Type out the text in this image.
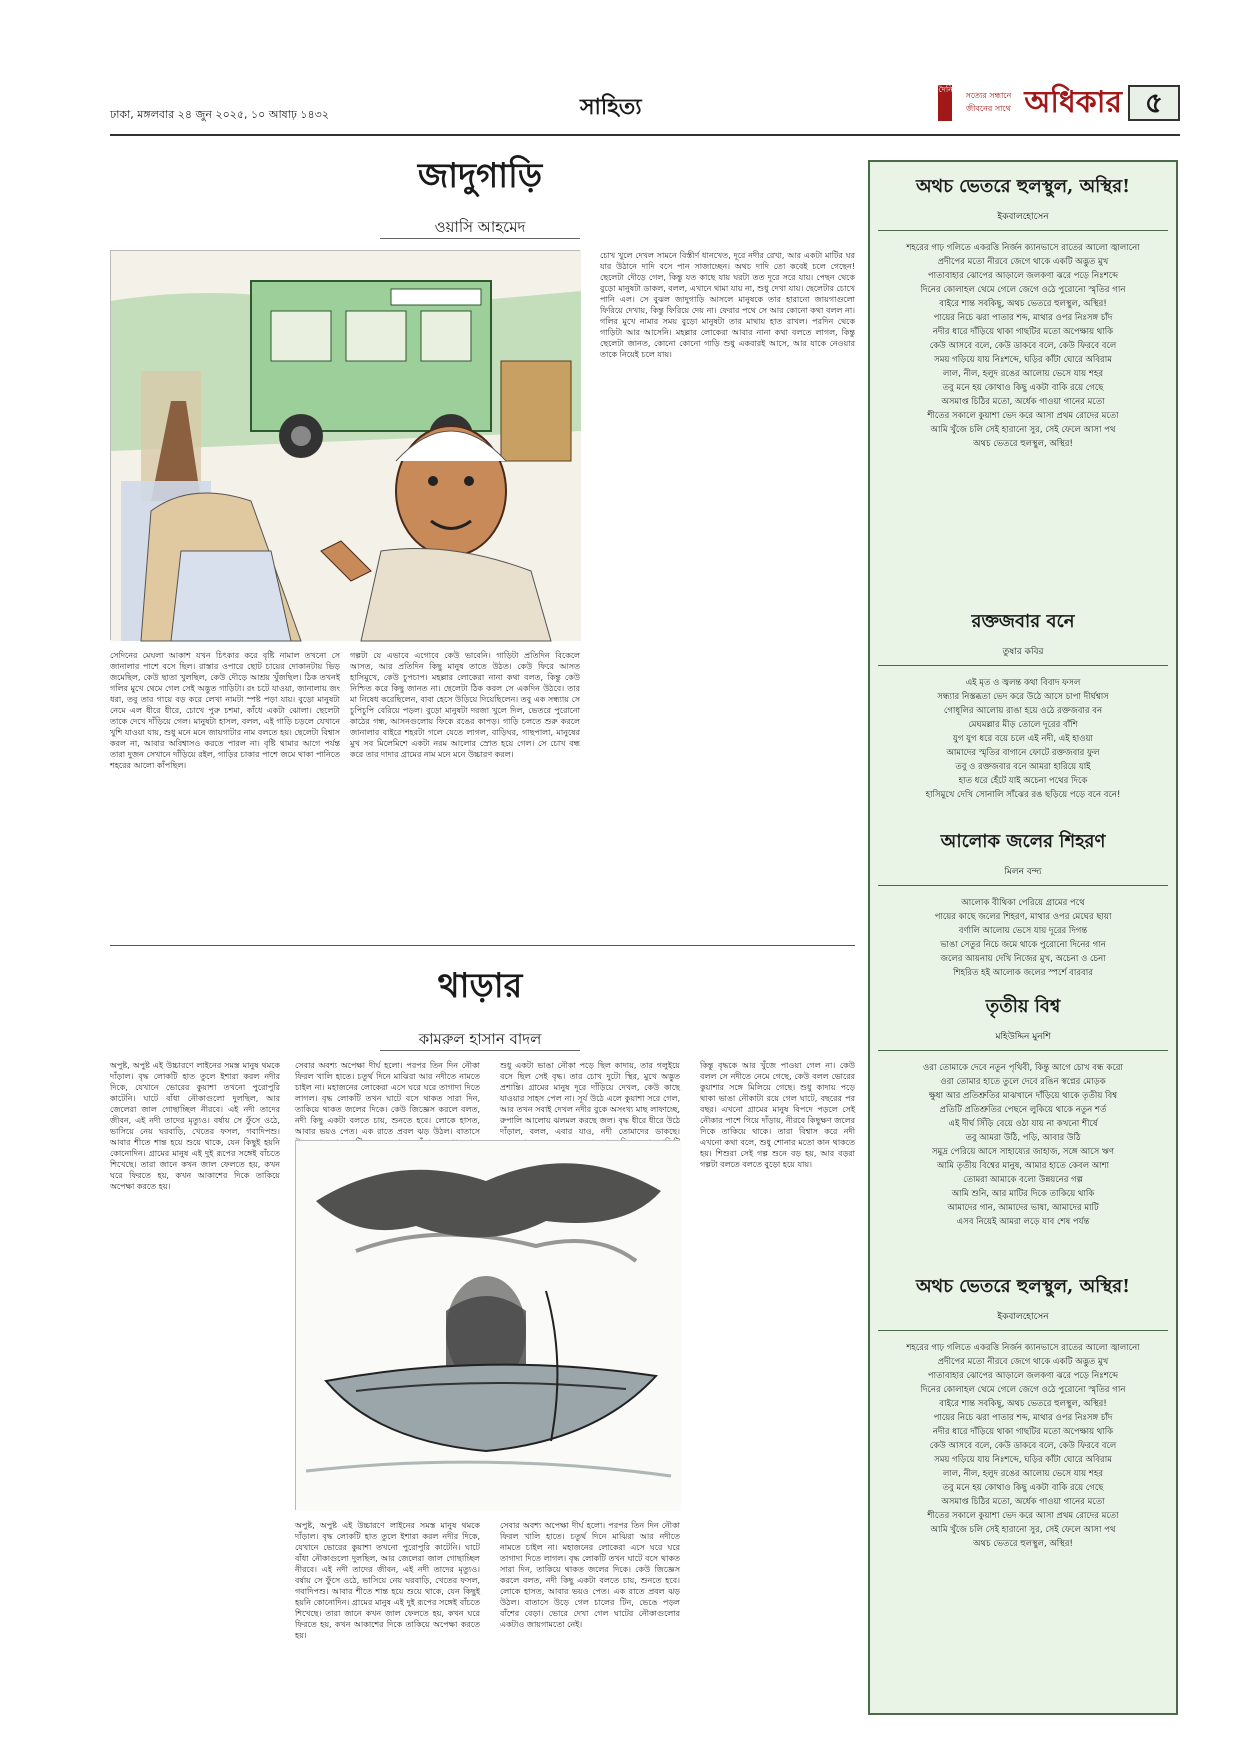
ঢাকা, মঙ্গলবার ২৪ জুন ২০২৫, ১০ আষাঢ় ১৪৩২	সাহিত্য
দৈনিক
সত্যের সন্ধানে জীবনের সাথে অধিকার ৫
জাদুগাড়ি
ওয়াসি আহমেদ
সেদিনের মেঘলা আকাশ যখন চিৎকার করে বৃষ্টি নামাল তখনো সে জানালার পাশে বসে ছিল। রাস্তার ওপারে ছোট চায়ের দোকানটায় ভিড় জমেছিল, কেউ ছাতা খুলছিল, কেউ দৌড়ে আশ্রয় খুঁজছিল। ঠিক তখনই গলির মুখে থেমে গেল সেই অদ্ভুত গাড়িটা। রং চটে যাওয়া, জানালায় জং ধরা, তবু তার গায়ে বড় করে লেখা নামটা স্পষ্ট পড়া যায়। বুড়ো মানুষটা নেমে এল ধীরে ধীরে, চোখে পুরু চশমা, কাঁধে একটা ঝোলা। ছেলেটা তাকে দেখে দাঁড়িয়ে গেল। মানুষটা হাসল, বলল, এই গাড়ি চড়লে যেখানে খুশি যাওয়া যায়, শুধু মনে মনে জায়গাটার নাম বলতে হয়। ছেলেটা বিশ্বাস করল না, আবার অবিশ্বাসও করতে পারল না। বৃষ্টি থামার আগে পর্যন্ত তারা দুজন সেখানে দাঁড়িয়ে রইল, গাড়ির চাকার পাশে জমে থাকা পানিতে শহরের আলো কাঁপছিল।
গল্পটা যে এভাবে এগোবে কেউ ভাবেনি। গাড়িটা প্রতিদিন বিকেলে আসত, আর প্রতিদিন কিছু মানুষ তাতে উঠত। কেউ ফিরে আসত হাসিমুখে, কেউ চুপচাপ। মহল্লার লোকেরা নানা কথা বলত, কিন্তু কেউ নিশ্চিত করে কিছু জানত না। ছেলেটা ঠিক করল সে একদিন উঠবে। তার মা নিষেধ করেছিলেন, বাবা হেসে উড়িয়ে দিয়েছিলেন। তবু এক সন্ধ্যায় সে চুপিচুপি বেরিয়ে পড়ল। বুড়ো মানুষটা দরজা খুলে দিল, ভেতরে পুরোনো কাঠের গন্ধ, আসনগুলোয় ফিকে রঙের কাপড়। গাড়ি চলতে শুরু করলে জানালার বাইরে শহরটা গলে যেতে লাগল, বাড়িঘর, গাছপালা, মানুষের মুখ সব মিলেমিশে একটা নরম আলোর স্রোত হয়ে গেল। সে চোখ বন্ধ করে তার দাদার গ্রামের নাম মনে মনে উচ্চারণ করল।
চোখ খুলে দেখল সামনে বিস্তীর্ণ ধানখেত, দূরে নদীর রেখা, আর একটা মাটির ঘর যার উঠানে দাদি বসে পান সাজাচ্ছেন। অথচ দাদি তো কবেই চলে গেছেন! ছেলেটা দৌড়ে গেল, কিন্তু যত কাছে যায় ঘরটা তত দূরে সরে যায়। পেছন থেকে বুড়ো মানুষটা ডাকল, বলল, এখানে থামা যায় না, শুধু দেখা যায়। ছেলেটার চোখে পানি এল। সে বুঝল জাদুগাড়ি আসলে মানুষকে তার হারানো জায়গাগুলো ফিরিয়ে দেখায়, কিন্তু ফিরিয়ে দেয় না। ফেরার পথে সে আর কোনো কথা বলল না। গলির মুখে নামার সময় বুড়ো মানুষটা তার মাথায় হাত রাখল। পরদিন থেকে গাড়িটা আর আসেনি। মহল্লার লোকেরা আবার নানা কথা বলতে লাগল, কিন্তু ছেলেটা জানত, কোনো কোনো গাড়ি শুধু একবারই আসে, আর যাকে নেওয়ার তাকে নিয়েই চলে যায়।
থাড়ার
কামরুল হাসান বাদল
অপুষ্ট, অপুষ্ট এই উচ্চারণে লাইনের সমস্ত মানুষ থমকে দাঁড়াল। বৃদ্ধ লোকটি হাত তুলে ইশারা করল নদীর দিকে, যেখানে ভোরের কুয়াশা তখনো পুরোপুরি কাটেনি। ঘাটে বাঁধা নৌকাগুলো দুলছিল, আর জেলেরা জাল গোছাচ্ছিল নীরবে। এই নদী তাদের জীবন, এই নদী তাদের মৃত্যুও। বর্ষায় সে ফুঁসে ওঠে, ভাসিয়ে নেয় ঘরবাড়ি, খেতের ফসল, গবাদিপশু। আবার শীতে শান্ত হয়ে শুয়ে থাকে, যেন কিছুই হয়নি কোনোদিন। গ্রামের মানুষ এই দুই রূপের সঙ্গেই বাঁচতে শিখেছে। তারা জানে কখন জাল ফেলতে হয়, কখন ঘরে ফিরতে হয়, কখন আকাশের দিকে তাকিয়ে অপেক্ষা করতে হয়।
সেবার অবশ্য অপেক্ষা দীর্ঘ হলো। পরপর তিন দিন নৌকা ফিরল খালি হাতে। চতুর্থ দিনে মাঝিরা আর নদীতে নামতে চাইল না। মহাজনের লোকেরা এসে ঘরে ঘরে তাগাদা দিতে লাগল। বৃদ্ধ লোকটি তখন ঘাটে বসে থাকত সারা দিন, তাকিয়ে থাকত জলের দিকে। কেউ জিজ্ঞেস করলে বলত, নদী কিছু একটা বলতে চায়, শুনতে হবে। লোকে হাসত, আবার ভয়ও পেত। এক রাতে প্রবল ঝড় উঠল। বাতাসে
শুধু একটা ভাঙা নৌকা পড়ে ছিল কাদায়, তার গলুইয়ে বসে ছিল সেই বৃদ্ধ। তার চোখ দুটো স্থির, মুখে অদ্ভুত প্রশান্তি। গ্রামের মানুষ দূরে দাঁড়িয়ে দেখল, কেউ কাছে যাওয়ার সাহস পেল না। সূর্য উঠে এলে কুয়াশা সরে গেল, আর তখন সবাই দেখল নদীর বুকে অসংখ্য মাছ লাফাচ্ছে, রুপালি আলোয় ঝলমল করছে জল। বৃদ্ধ ধীরে ধীরে উঠে দাঁড়াল, বলল, এবার যাও, নদী তোমাদের ডাকছে।
কিন্তু বৃদ্ধকে আর খুঁজে পাওয়া গেল না। কেউ বলল সে নদীতে নেমে গেছে, কেউ বলল ভোরের কুয়াশার সঙ্গে মিলিয়ে গেছে। শুধু কাদায় পড়ে থাকা ভাঙা নৌকাটা রয়ে গেল ঘাটে, বছরের পর বছর। এখনো গ্রামের মানুষ বিপদে পড়লে সেই নৌকার পাশে গিয়ে দাঁড়ায়, নীরবে কিছুক্ষণ জলের দিকে তাকিয়ে থাকে। তারা বিশ্বাস করে নদী এখনো কথা বলে, শুধু শোনার মতো কান থাকতে হয়। শিশুরা সেই গল্প শুনে বড় হয়, আর বড়রা গল্পটা বলতে বলতে বুড়ো হয়ে যায়।
অপুষ্ট, অপুষ্ট এই উচ্চারণে লাইনের সমস্ত মানুষ থমকে দাঁড়াল। বৃদ্ধ লোকটি হাত তুলে ইশারা করল নদীর দিকে, যেখানে ভোরের কুয়াশা তখনো পুরোপুরি কাটেনি। ঘাটে বাঁধা নৌকাগুলো দুলছিল, আর জেলেরা জাল গোছাচ্ছিল নীরবে। এই নদী তাদের জীবন, এই নদী তাদের মৃত্যুও। বর্ষায় সে ফুঁসে ওঠে, ভাসিয়ে নেয় ঘরবাড়ি, খেতের ফসল, গবাদিপশু। আবার শীতে শান্ত হয়ে শুয়ে থাকে, যেন কিছুই হয়নি কোনোদিন। গ্রামের মানুষ এই দুই রূপের সঙ্গেই বাঁচতে শিখেছে। তারা জানে কখন জাল ফেলতে হয়, কখন ঘরে ফিরতে হয়, কখন আকাশের দিকে তাকিয়ে অপেক্ষা করতে হয়।
সেবার অবশ্য অপেক্ষা দীর্ঘ হলো। পরপর তিন দিন নৌকা ফিরল খালি হাতে। চতুর্থ দিনে মাঝিরা আর নদীতে নামতে চাইল না। মহাজনের লোকেরা এসে ঘরে ঘরে তাগাদা দিতে লাগল। বৃদ্ধ লোকটি তখন ঘাটে বসে থাকত সারা দিন, তাকিয়ে থাকত জলের দিকে। কেউ জিজ্ঞেস করলে বলত, নদী কিছু একটা বলতে চায়, শুনতে হবে। লোকে হাসত, আবার ভয়ও পেত। এক রাতে প্রবল ঝড় উঠল। বাতাসে উড়ে গেল চালের টিন, ভেঙে পড়ল বাঁশের বেড়া। ভোরে দেখা গেল ঘাটের নৌকাগুলোর একটাও জায়গামতো নেই।
অথচ ভেতরে হুলস্থুল, অস্থির!
ইকবালহোসেন
শহরের গাঢ় গলিতে একরত্তি নির্জন ক্যানভাসে রাতের আলো জ্বালানো
প্রদীপের মতো নীরবে জেগে থাকে একটি অদ্ভুত মুখ
পাতাবাহার ঝোপের আড়ালে জলকণা ঝরে পড়ে নিঃশব্দে
দিনের কোলাহল থেমে গেলে জেগে ওঠে পুরোনো স্মৃতির গান
বাইরে শান্ত সবকিছু, অথচ ভেতরে হুলস্থুল, অস্থির!
পায়ের নিচে ঝরা পাতার শব্দ, মাথার ওপর নিঃসঙ্গ চাঁদ
নদীর ধারে দাঁড়িয়ে থাকা গাছটির মতো অপেক্ষায় থাকি
কেউ আসবে বলে, কেউ ডাকবে বলে, কেউ ফিরবে বলে
সময় গড়িয়ে যায় নিঃশব্দে, ঘড়ির কাঁটা ঘোরে অবিরাম
লাল, নীল, হলুদ রঙের আলোয় ভেসে যায় শহর
তবু মনে হয় কোথাও কিছু একটা বাকি রয়ে গেছে
অসমাপ্ত চিঠির মতো, অর্ধেক গাওয়া গানের মতো
শীতের সকালে কুয়াশা ভেদ করে আসা প্রথম রোদের মতো
আমি খুঁজে চলি সেই হারানো সুর, সেই ফেলে আসা পথ
অথচ ভেতরে হুলস্থুল, অস্থির!
রক্তজবার বনে
তুষার কবির
এই মৃত ও জ্বলন্ত কথা বিবাদ ফসল
সন্ধ্যার নিস্তব্ধতা ভেদ করে উঠে আসে চাপা দীর্ঘশ্বাস
গোধূলির আলোয় রাঙা হয়ে ওঠে রক্তজবার বন
মেঘমল্লার মীড় তোলে দূরের বাঁশি
যুগ যুগ ধরে বয়ে চলে এই নদী, এই হাওয়া
আমাদের স্মৃতির বাগানে ফোটে রক্তজবার ফুল
তবু ও রক্তজবার বনে আমরা হারিয়ে যাই
হাত ধরে হেঁটে যাই অচেনা পথের দিকে
হাসিমুখে দেখি সোনালি সাঁঝের রঙ ছড়িয়ে পড়ে বনে বনে!
আলোক জলের শিহরণ
মিলন বন্দ্য
আলোক বীথিকা পেরিয়ে গ্রামের পথে
পায়ের কাছে জলের শিহরণ, মাথার ওপর মেঘের ছায়া
বর্ণালি আলোয় ভেসে যায় দূরের দিগন্ত
ভাঙা সেতুর নিচে জমে থাকে পুরোনো দিনের গান
জলের আয়নায় দেখি নিজের মুখ, অচেনা ও চেনা
শিহরিত হই আলোক জলের স্পর্শে বারবার
তৃতীয় বিশ্ব
মহিউদ্দিন মুনশি
ওরা তোমাকে দেবে নতুন পৃথিবী, কিন্তু আগে চোখ বন্ধ করো
ওরা তোমার হাতে তুলে দেবে রঙিন স্বপ্নের মোড়ক
ক্ষুধা আর প্রতিশ্রুতির মাঝখানে দাঁড়িয়ে থাকে তৃতীয় বিশ্ব
প্রতিটি প্রতিশ্রুতির পেছনে লুকিয়ে থাকে নতুন শর্ত
এই দীর্ঘ সিঁড়ি বেয়ে ওঠা যায় না কখনো শীর্ষে
তবু আমরা উঠি, পড়ি, আবার উঠি
সমুদ্র পেরিয়ে আসে সাহায্যের জাহাজ, সঙ্গে আসে ঋণ
আমি তৃতীয় বিশ্বের মানুষ, আমার হাতে কেবল আশা
তোমরা আমাকে বলো উন্নয়নের গল্প
আমি শুনি, আর মাটির দিকে তাকিয়ে থাকি
আমাদের গান, আমাদের ভাষা, আমাদের মাটি
এসব নিয়েই আমরা লড়ে যাব শেষ পর্যন্ত
অথচ ভেতরে হুলস্থুল, অস্থির!
ইকবালহোসেন
শহরের গাঢ় গলিতে একরত্তি নির্জন ক্যানভাসে রাতের আলো জ্বালানো
প্রদীপের মতো নীরবে জেগে থাকে একটি অদ্ভুত মুখ
পাতাবাহার ঝোপের আড়ালে জলকণা ঝরে পড়ে নিঃশব্দে
দিনের কোলাহল থেমে গেলে জেগে ওঠে পুরোনো স্মৃতির গান
বাইরে শান্ত সবকিছু, অথচ ভেতরে হুলস্থুল, অস্থির!
পায়ের নিচে ঝরা পাতার শব্দ, মাথার ওপর নিঃসঙ্গ চাঁদ
নদীর ধারে দাঁড়িয়ে থাকা গাছটির মতো অপেক্ষায় থাকি
কেউ আসবে বলে, কেউ ডাকবে বলে, কেউ ফিরবে বলে
সময় গড়িয়ে যায় নিঃশব্দে, ঘড়ির কাঁটা ঘোরে অবিরাম
লাল, নীল, হলুদ রঙের আলোয় ভেসে যায় শহর
তবু মনে হয় কোথাও কিছু একটা বাকি রয়ে গেছে
অসমাপ্ত চিঠির মতো, অর্ধেক গাওয়া গানের মতো
শীতের সকালে কুয়াশা ভেদ করে আসা প্রথম রোদের মতো
আমি খুঁজে চলি সেই হারানো সুর, সেই ফেলে আসা পথ
অথচ ভেতরে হুলস্থুল, অস্থির!
